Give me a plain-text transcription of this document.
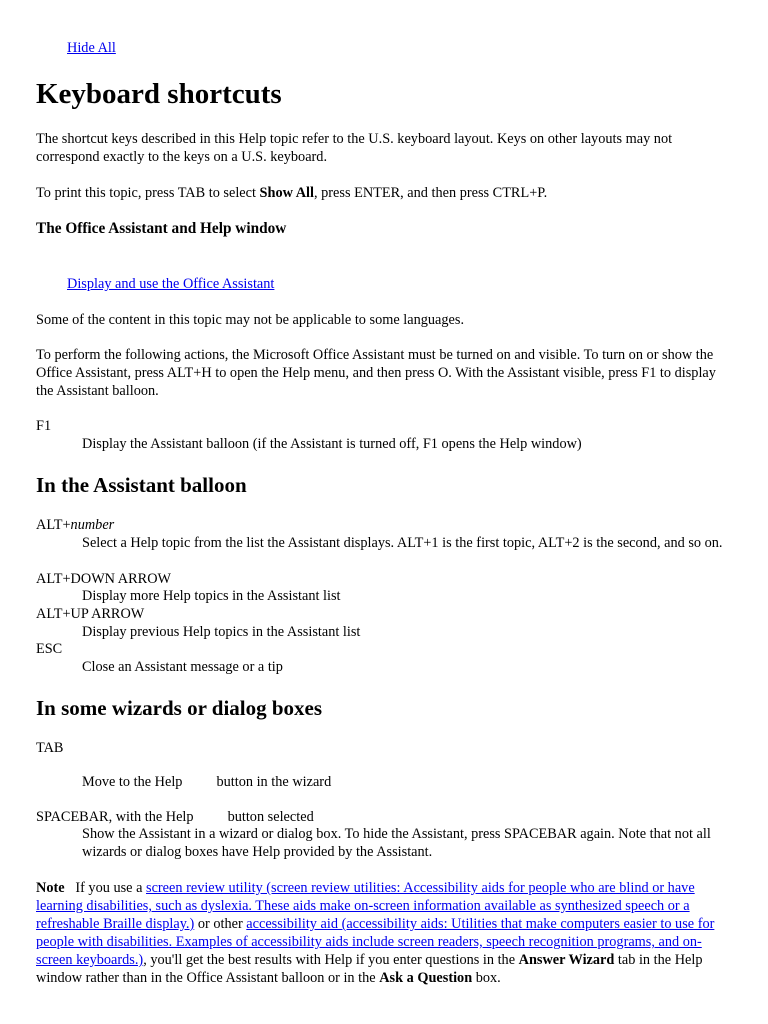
Hide All
Keyboard shortcuts

The shortcut keys described in this Help topic refer to the U.S. keyboard layout. Keys on other layouts may not correspond exactly to the keys on a U.S. keyboard.

To print this topic, press TAB to select Show All, press ENTER, and then press CTRL+P.

The Office Assistant and Help window
Display and use the Office Assistant

Some of the content in this topic may not be applicable to some languages.

To perform the following actions, the Microsoft Office Assistant must be turned on and visible. To turn on or show the Office Assistant, press ALT+H to open the Help menu, and then press O. With the Assistant visible, press F1 to display the Assistant balloon.

F1

Display the Assistant balloon (if the Assistant is turned off, F1 opens the Help window)

In the Assistant balloon

ALT+number

Select a Help topic from the list the Assistant displays. ALT+1 is the first topic, ALT+2 is the second, and so on.

ALT+DOWN ARROW

Display more Help topics in the Assistant list

ALT+UP ARROW

Display previous Help topics in the Assistant list

ESC

Close an Assistant message or a tip

In some wizards or dialog boxes

TAB

Move to the Help button in the wizard

SPACEBAR, with the Help button selected

Show the Assistant in a wizard or dialog box. To hide the Assistant, press SPACEBAR again. Note that not all wizards or dialog boxes have Help provided by the Assistant.

Note If you use a screen review utility (screen review utilities: Accessibility aids for people who are blind or have learning disabilities, such as dyslexia. These aids make on-screen information available as synthesized speech or a refreshable Braille display.) or other accessibility aid (accessibility aids: Utilities that make computers easier to use for people with disabilities. Examples of accessibility aids include screen readers, speech recognition programs, and on-screen keyboards.), you'll get the best results with Help if you enter questions in the Answer Wizard tab in the Help window rather than in the Office Assistant balloon or in the Ask a Question box.
